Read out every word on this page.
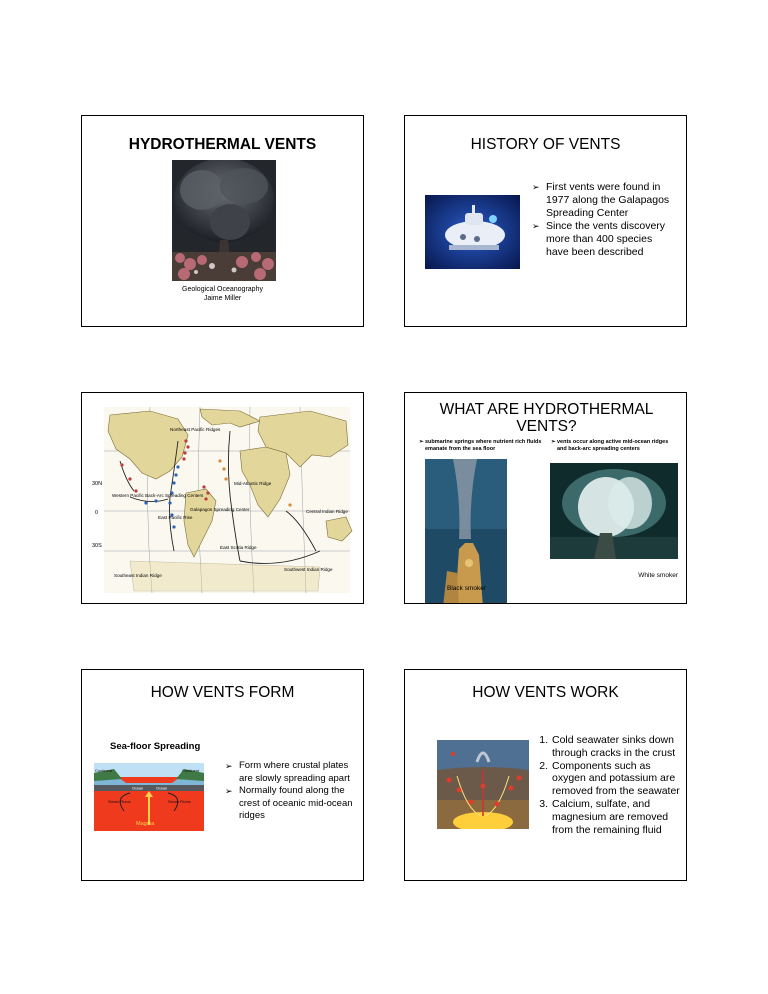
HYDROTHERMAL VENTS
Geological Oceanography
Jaime Miller
HISTORY OF VENTS
➢ First vents were found in 1977 along the Galapagos Spreading Center
➢ Since the vents discovery more than 400 species have been described
Northeast Pacific Ridges
Western Pacific Back-Arc Spreading Centers
East Pacific Rise
Galapagos Spreading Center
Mid-Atlantic Ridge
Central Indian Ridge
East Scotia Ridge
Southwest Indian Ridge
Southeast Indian Ridge
30N
0
30S
WHAT ARE HYDROTHERMAL VENTS?
➢ submarine springs where nutrient rich fluids emanate from the sea floor
➢ vents occur along active mid-ocean ridges and back-arc spreading centers
White smoker
Black smoker
HOW VENTS FORM
Sea-floor Spreading
Continent	Continent
Ocean	Ocean
Steam Plume	Steam Plume
Magma
➢ Form where crustal plates are slowly spreading apart
➢ Normally found along the crest of oceanic mid-ocean ridges
HOW VENTS WORK
1. Cold seawater sinks down through cracks in the crust
2. Components such as oxygen and potassium are removed from the seawater
3. Calcium, sulfate, and magnesium are removed from the remaining fluid
